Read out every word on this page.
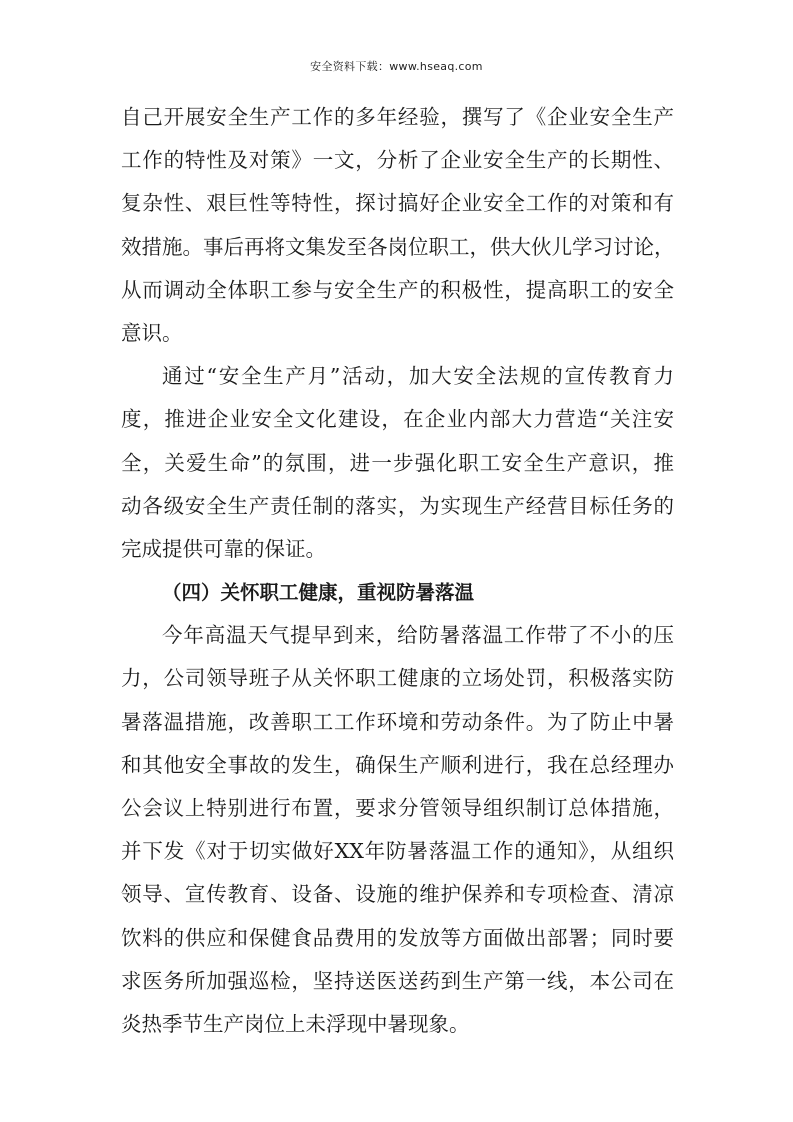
安全资料下载：www.hseaq.com
自己开展安全生产工作的多年经验，撰写了《企业安全生产
工作的特性及对策》一文，分析了企业安全生产的长期性、
复杂性、艰巨性等特性，探讨搞好企业安全工作的对策和有
效措施。事后再将文集发至各岗位职工，供大伙儿学习讨论，
从而调动全体职工参与安全生产的积极性，提高职工的安全
意识。
通过“安全生产月”活动，加大安全法规的宣传教育力
度，推进企业安全文化建设，在企业内部大力营造“关注安
全，关爱生命”的氛围，进一步强化职工安全生产意识，推
动各级安全生产责任制的落实，为实现生产经营目标任务的
完成提供可靠的保证。
（四）关怀职工健康，重视防暑落温
今年高温天气提早到来，给防暑落温工作带了不小的压
力，公司领导班子从关怀职工健康的立场处罚，积极落实防
暑落温措施，改善职工工作环境和劳动条件。为了防止中暑
和其他安全事故的发生，确保生产顺利进行，我在总经理办
公会议上特别进行布置，要求分管领导组织制订总体措施，
并下发《对于切实做好XX年防暑落温工作的通知》，从组织
领导、宣传教育、设备、设施的维护保养和专项检查、清凉
饮料的供应和保健食品费用的发放等方面做出部署；同时要
求医务所加强巡检，坚持送医送药到生产第一线，本公司在
炎热季节生产岗位上未浮现中暑现象。
